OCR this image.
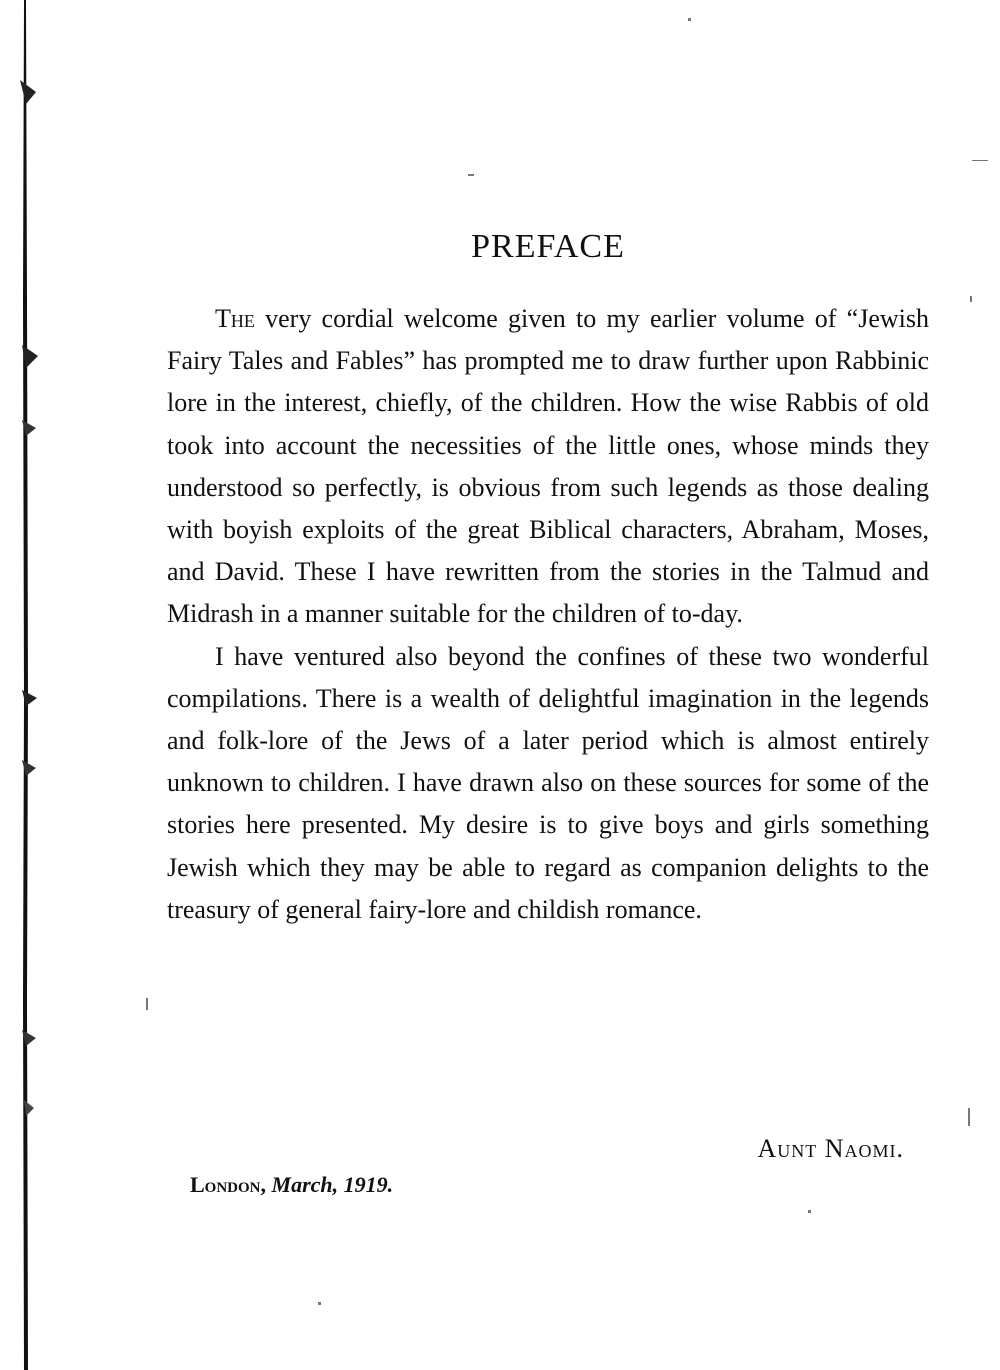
PREFACE

The very cordial welcome given to my earlier volume of “Jewish Fairy Tales and Fables” has prompted me to draw further upon Rabbinic lore in the interest, chiefly, of the children. How the wise Rabbis of old took into account the necessities of the little ones, whose minds they understood so perfectly, is obvious from such legends as those dealing with boyish exploits of the great Biblical characters, Abraham, Moses, and David. These I have rewritten from the stories in the Talmud and Midrash in a manner suitable for the children of to-day.

I have ventured also beyond the confines of these two wonderful compilations. There is a wealth of delightful imagination in the legends and folk-lore of the Jews of a later period which is almost entirely unknown to children. I have drawn also on these sources for some of the stories here presented. My desire is to give boys and girls something Jewish which they may be able to regard as companion delights to the treasury of general fairy-lore and childish romance.

Aunt Naomi.
London, March, 1919.
